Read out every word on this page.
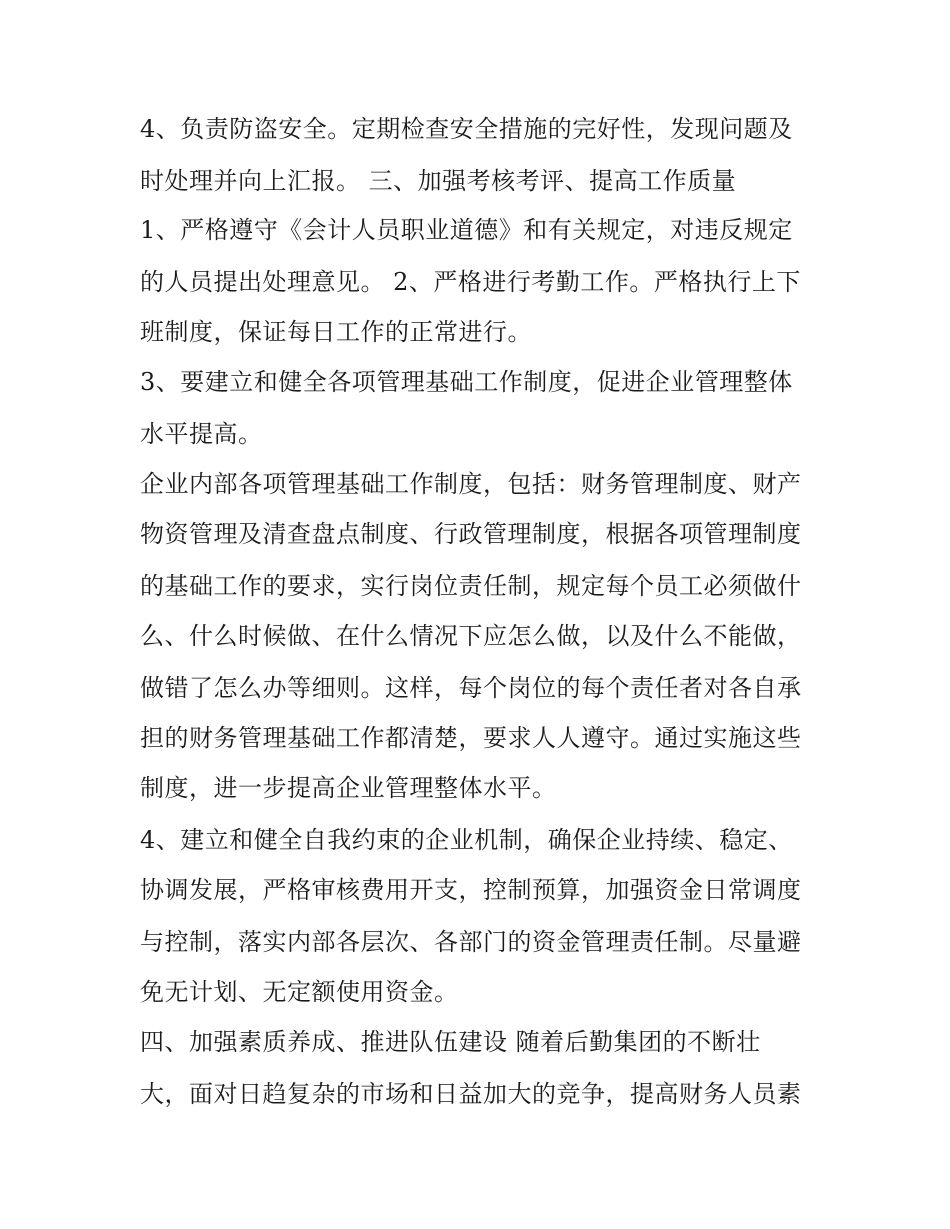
4、负责防盗安全。定期检查安全措施的完好性，发现问题及
时处理并向上汇报。 三、加强考核考评、提高工作质量
1、严格遵守《会计人员职业道德》和有关规定，对违反规定
的人员提出处理意见。 2、严格进行考勤工作。严格执行上下
班制度，保证每日工作的正常进行。
3、要建立和健全各项管理基础工作制度，促进企业管理整体
水平提高。
企业内部各项管理基础工作制度，包括：财务管理制度、财产
物资管理及清查盘点制度、行政管理制度，根据各项管理制度
的基础工作的要求，实行岗位责任制，规定每个员工必须做什
么、什么时候做、在什么情况下应怎么做，以及什么不能做，
做错了怎么办等细则。这样，每个岗位的每个责任者对各自承
担的财务管理基础工作都清楚，要求人人遵守。通过实施这些
制度，进一步提高企业管理整体水平。
4、建立和健全自我约束的企业机制，确保企业持续、稳定、
协调发展，严格审核费用开支，控制预算，加强资金日常调度
与控制，落实内部各层次、各部门的资金管理责任制。尽量避
免无计划、无定额使用资金。
四、加强素质养成、推进队伍建设 随着后勤集团的不断壮
大，面对日趋复杂的市场和日益加大的竞争，提高财务人员素
